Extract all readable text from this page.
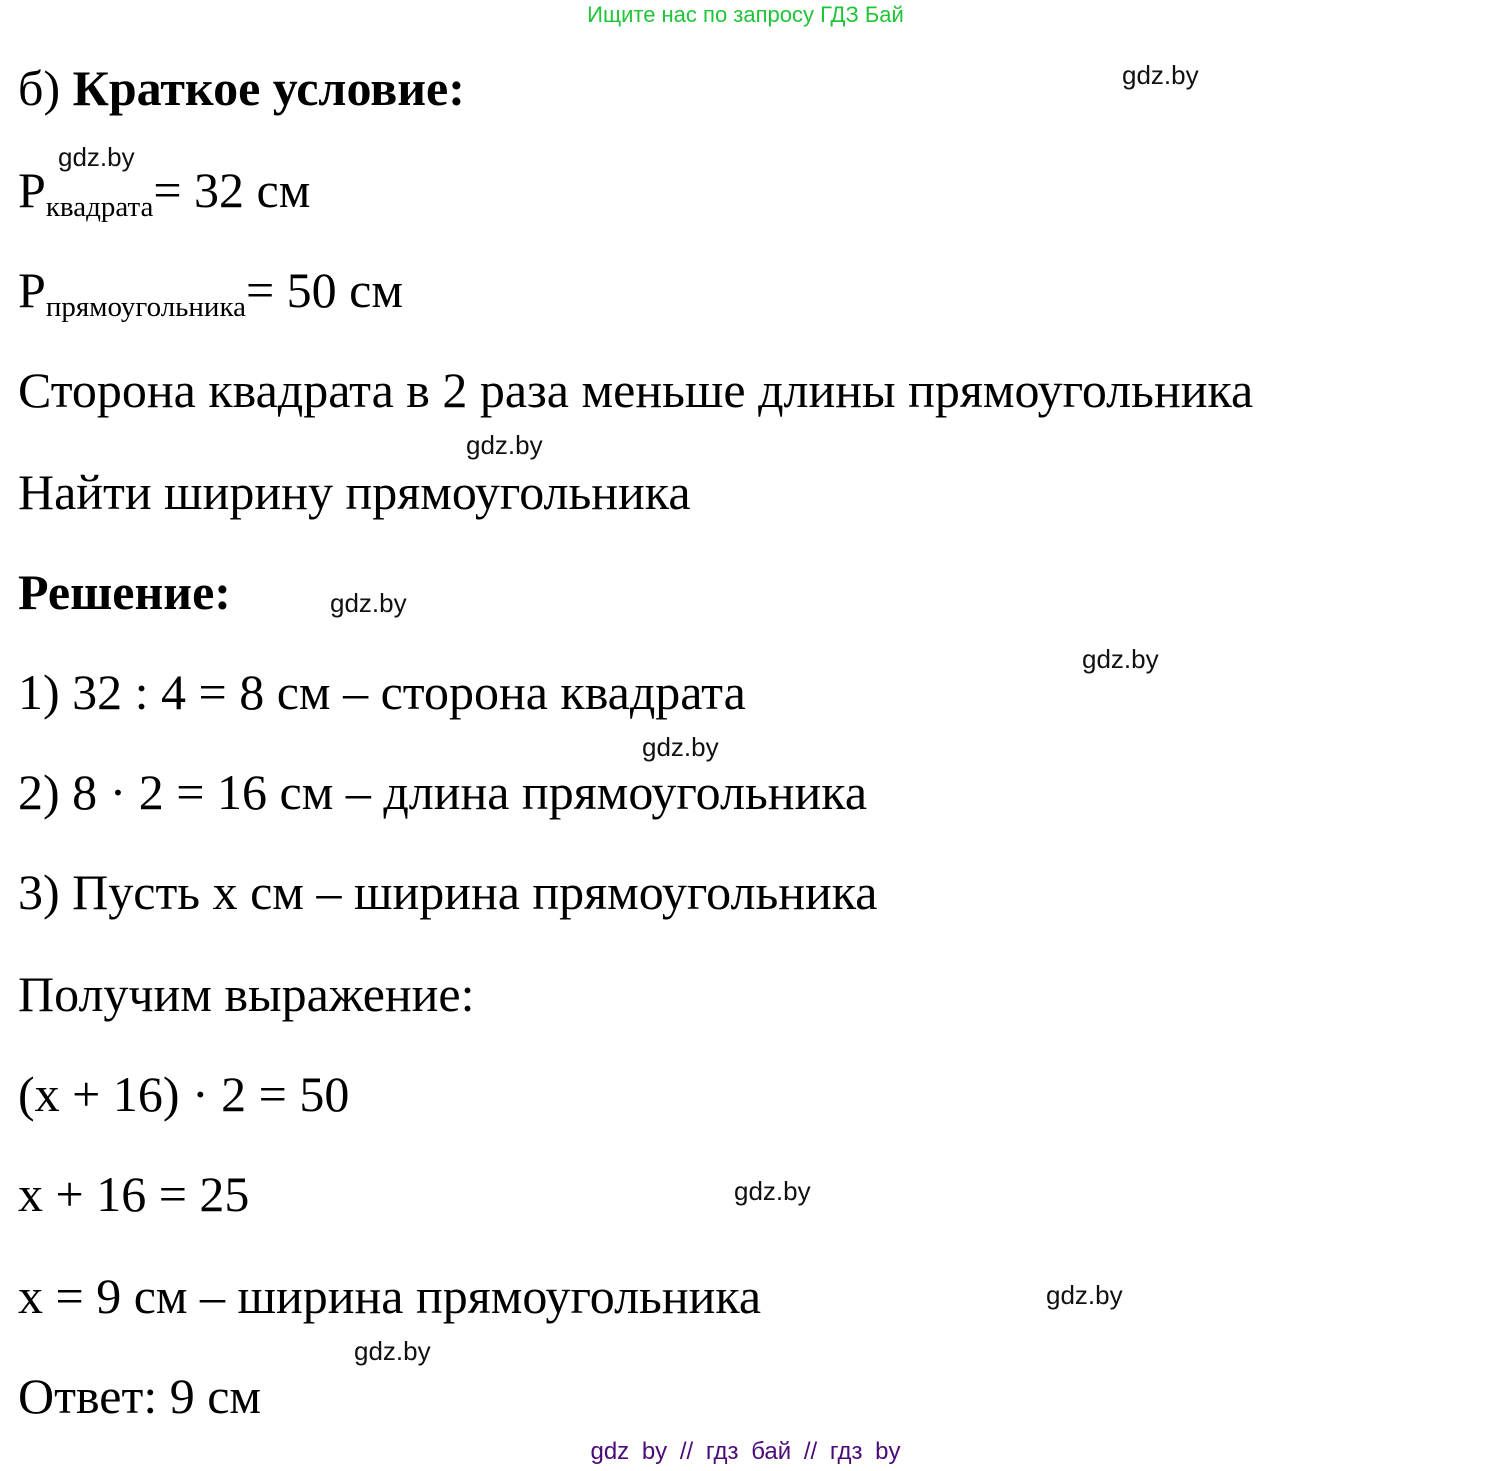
Ищите нас по запросу ГДЗ Бай
б) Краткое условие:
$P_{квадрата}= 32$ см
$P_{прямоугольника}= 50$ см
Сторона квадрата в 2 раза меньше длины прямоугольника
Найти ширину прямоугольника
Решение:
1) 32 : 4 = 8 см – сторона квадрата
2) 8 · 2 = 16 см – длина прямоугольника
3) Пусть x см – ширина прямоугольника
Получим выражение:
(x + 16) · 2 = 50
x + 16 = 25
x = 9 см – ширина прямоугольника
Ответ: 9 см
gdz.by
gdz.by
gdz.by
gdz.by
gdz.by
gdz.by
gdz.by
gdz.by
gdz.by
gdz by // гдз бай // гдз by
